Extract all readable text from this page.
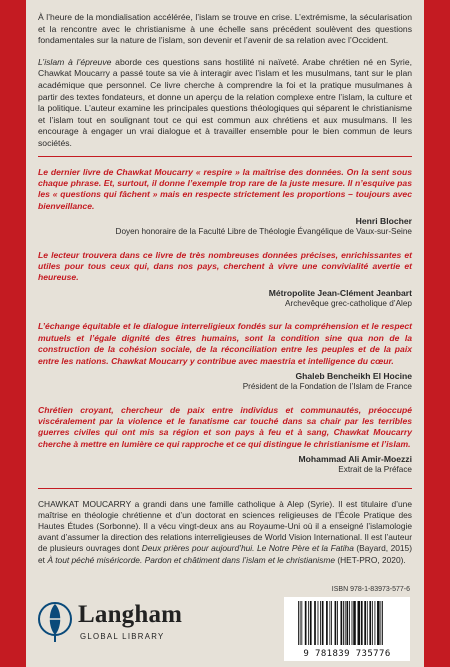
À l’heure de la mondialisation accélérée, l’islam se trouve en crise. L’extrémisme, la sécularisation et la rencontre avec le christianisme à une échelle sans précédent soulèvent des questions fondamentales sur la nature de l’islam, son devenir et l’avenir de sa relation avec l’Occident.

L’islam à l’épreuve aborde ces questions sans hostilité ni naïveté. Arabe chrétien né en Syrie, Chawkat Moucarry a passé toute sa vie à interagir avec l’islam et les musulmans, tant sur le plan académique que personnel. Ce livre cherche à comprendre la foi et la pratique musulmanes à partir des textes fondateurs, et donne un aperçu de la relation complexe entre l’islam, la culture et la politique. L’auteur examine les principales questions théologiques qui séparent le christianisme et l’islam tout en soulignant tout ce qui est commun aux chrétiens et aux musulmans. Il les encourage à engager un vrai dialogue et à travailler ensemble pour le bien commun de leurs sociétés.

Le dernier livre de Chawkat Moucarry « respire » la maîtrise des données. On la sent sous chaque phrase. Et, surtout, il donne l’exemple trop rare de la juste mesure. Il n’esquive pas les « questions qui fâchent » mais en respecte strictement les proportions – toujours avec bienveillance.

Henri Blocher
Doyen honoraire de la Faculté Libre de Théologie Évangélique de Vaux-sur-Seine

Le lecteur trouvera dans ce livre de très nombreuses données précises, enrichissantes et utiles pour tous ceux qui, dans nos pays, cherchent à vivre une convivialité avertie et heureuse.

Métropolite Jean-Clément Jeanbart
Archevêque grec-catholique d’Alep

L’échange équitable et le dialogue interreligieux fondés sur la compréhension et le respect mutuels et l’égale dignité des êtres humains, sont la condition sine qua non de la construction de la cohésion sociale, de la réconciliation entre les peuples et de la paix entre les nations. Chawkat Moucarry y contribue avec maestria et intelligence du cœur.

Ghaleb Bencheikh El Hocine
Président de la Fondation de l’Islam de France

Chrétien croyant, chercheur de paix entre individus et communautés, préoccupé viscéralement par la violence et le fanatisme car touché dans sa chair par les terribles guerres civiles qui ont mis sa région et son pays à feu et à sang, Chawkat Moucarry cherche à mettre en lumière ce qui rapproche et ce qui distingue le christianisme et l’islam.

Mohammad Ali Amir-Moezzi
Extrait de la Préface

CHAWKAT MOUCARRY a grandi dans une famille catholique à Alep (Syrie). Il est titulaire d’une maîtrise en théologie chrétienne et d’un doctorat en sciences religieuses de l’École Pratique des Hautes Études (Sorbonne). Il a vécu vingt-deux ans au Royaume-Uni où il a enseigné l’islamologie avant d’assumer la direction des relations interreligieuses de World Vision International. Il est l’auteur de plusieurs ouvrages dont Deux prières pour aujourd’hui. Le Notre Père et la Fatiha (Bayard, 2015) et À tout péché miséricorde. Pardon et châtiment dans l’islam et le christianisme (HET-PRO, 2020).

ISBN 978-1-83973-577-6
Langham
GLOBAL LIBRARY
9 781839 735776
